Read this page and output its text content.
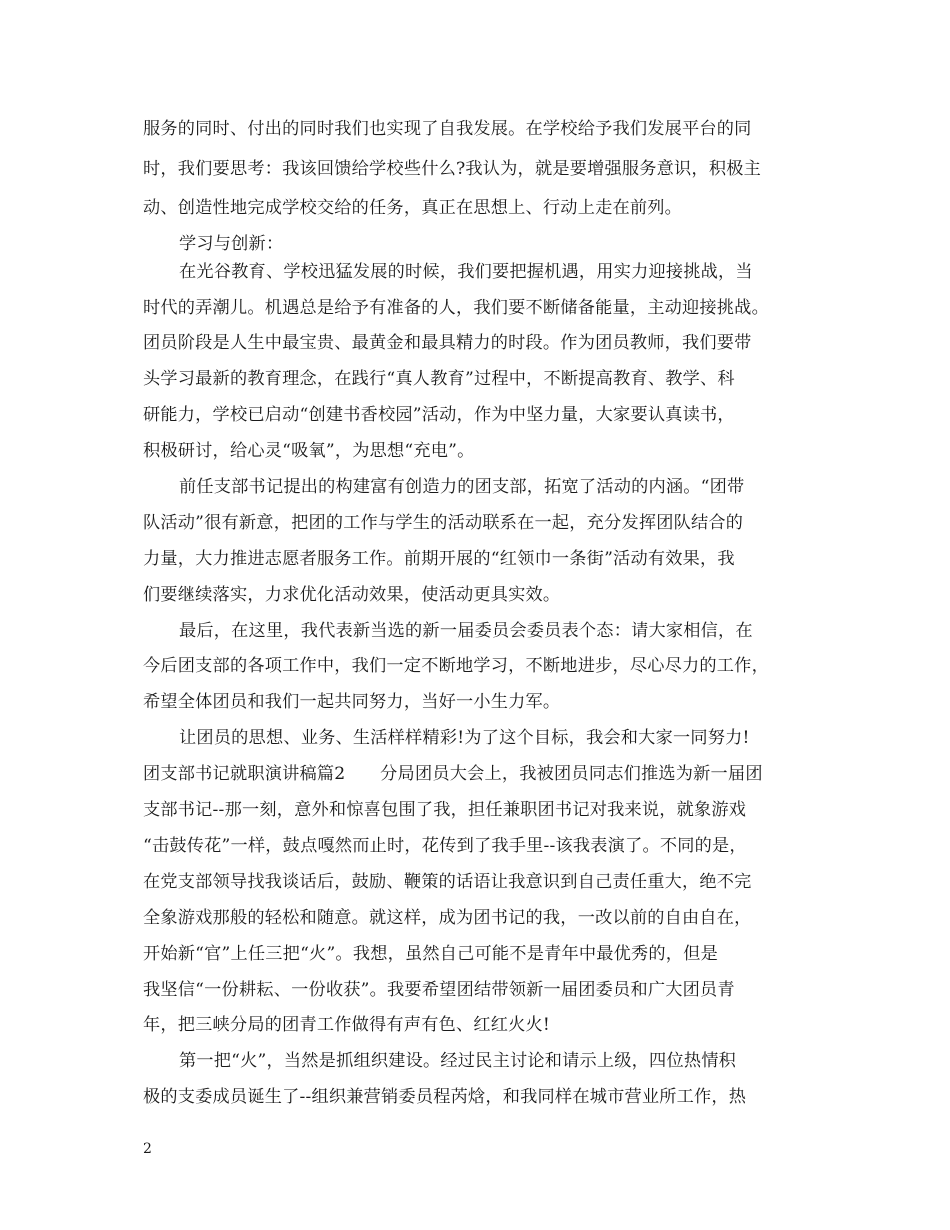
服务的同时、付出的同时我们也实现了自我发展。在学校给予我们发展平台的同
时，我们要思考：我该回馈给学校些什么?我认为，就是要增强服务意识，积极主
动、创造性地完成学校交给的任务，真正在思想上、行动上走在前列。
学习与创新：
在光谷教育、学校迅猛发展的时候，我们要把握机遇，用实力迎接挑战，当
时代的弄潮儿。机遇总是给予有准备的人，我们要不断储备能量，主动迎接挑战。
团员阶段是人生中最宝贵、最黄金和最具精力的时段。作为团员教师，我们要带
头学习最新的教育理念，在践行“真人教育”过程中，不断提高教育、教学、科
研能力，学校已启动“创建书香校园”活动，作为中坚力量，大家要认真读书，
积极研讨，给心灵“吸氧”，为思想“充电”。
前任支部书记提出的构建富有创造力的团支部，拓宽了活动的内涵。“团带
队活动”很有新意，把团的工作与学生的活动联系在一起，充分发挥团队结合的
力量，大力推进志愿者服务工作。前期开展的“红领巾一条街”活动有效果，我
们要继续落实，力求优化活动效果，使活动更具实效。
最后，在这里，我代表新当选的新一届委员会委员表个态：请大家相信，在
今后团支部的各项工作中，我们一定不断地学习，不断地进步，尽心尽力的工作，
希望全体团员和我们一起共同努力，当好一小生力军。
让团员的思想、业务、生活样样精彩!为了这个目标，我会和大家一同努力!
团支部书记就职演讲稿篇2　　分局团员大会上，我被团员同志们推选为新一届团
支部书记--那一刻，意外和惊喜包围了我，担任兼职团书记对我来说，就象游戏
“击鼓传花”一样，鼓点嘎然而止时，花传到了我手里--该我表演了。不同的是，
在党支部领导找我谈话后，鼓励、鞭策的话语让我意识到自己责任重大，绝不完
全象游戏那般的轻松和随意。就这样，成为团书记的我，一改以前的自由自在，
开始新“官”上任三把“火”。我想，虽然自己可能不是青年中最优秀的，但是
我坚信“一份耕耘、一份收获”。我要希望团结带领新一届团委员和广大团员青
年，把三峡分局的团青工作做得有声有色、红红火火!
第一把“火”，当然是抓组织建设。经过民主讨论和请示上级，四位热情积
极的支委成员诞生了--组织兼营销委员程芮焓，和我同样在城市营业所工作，热
2
